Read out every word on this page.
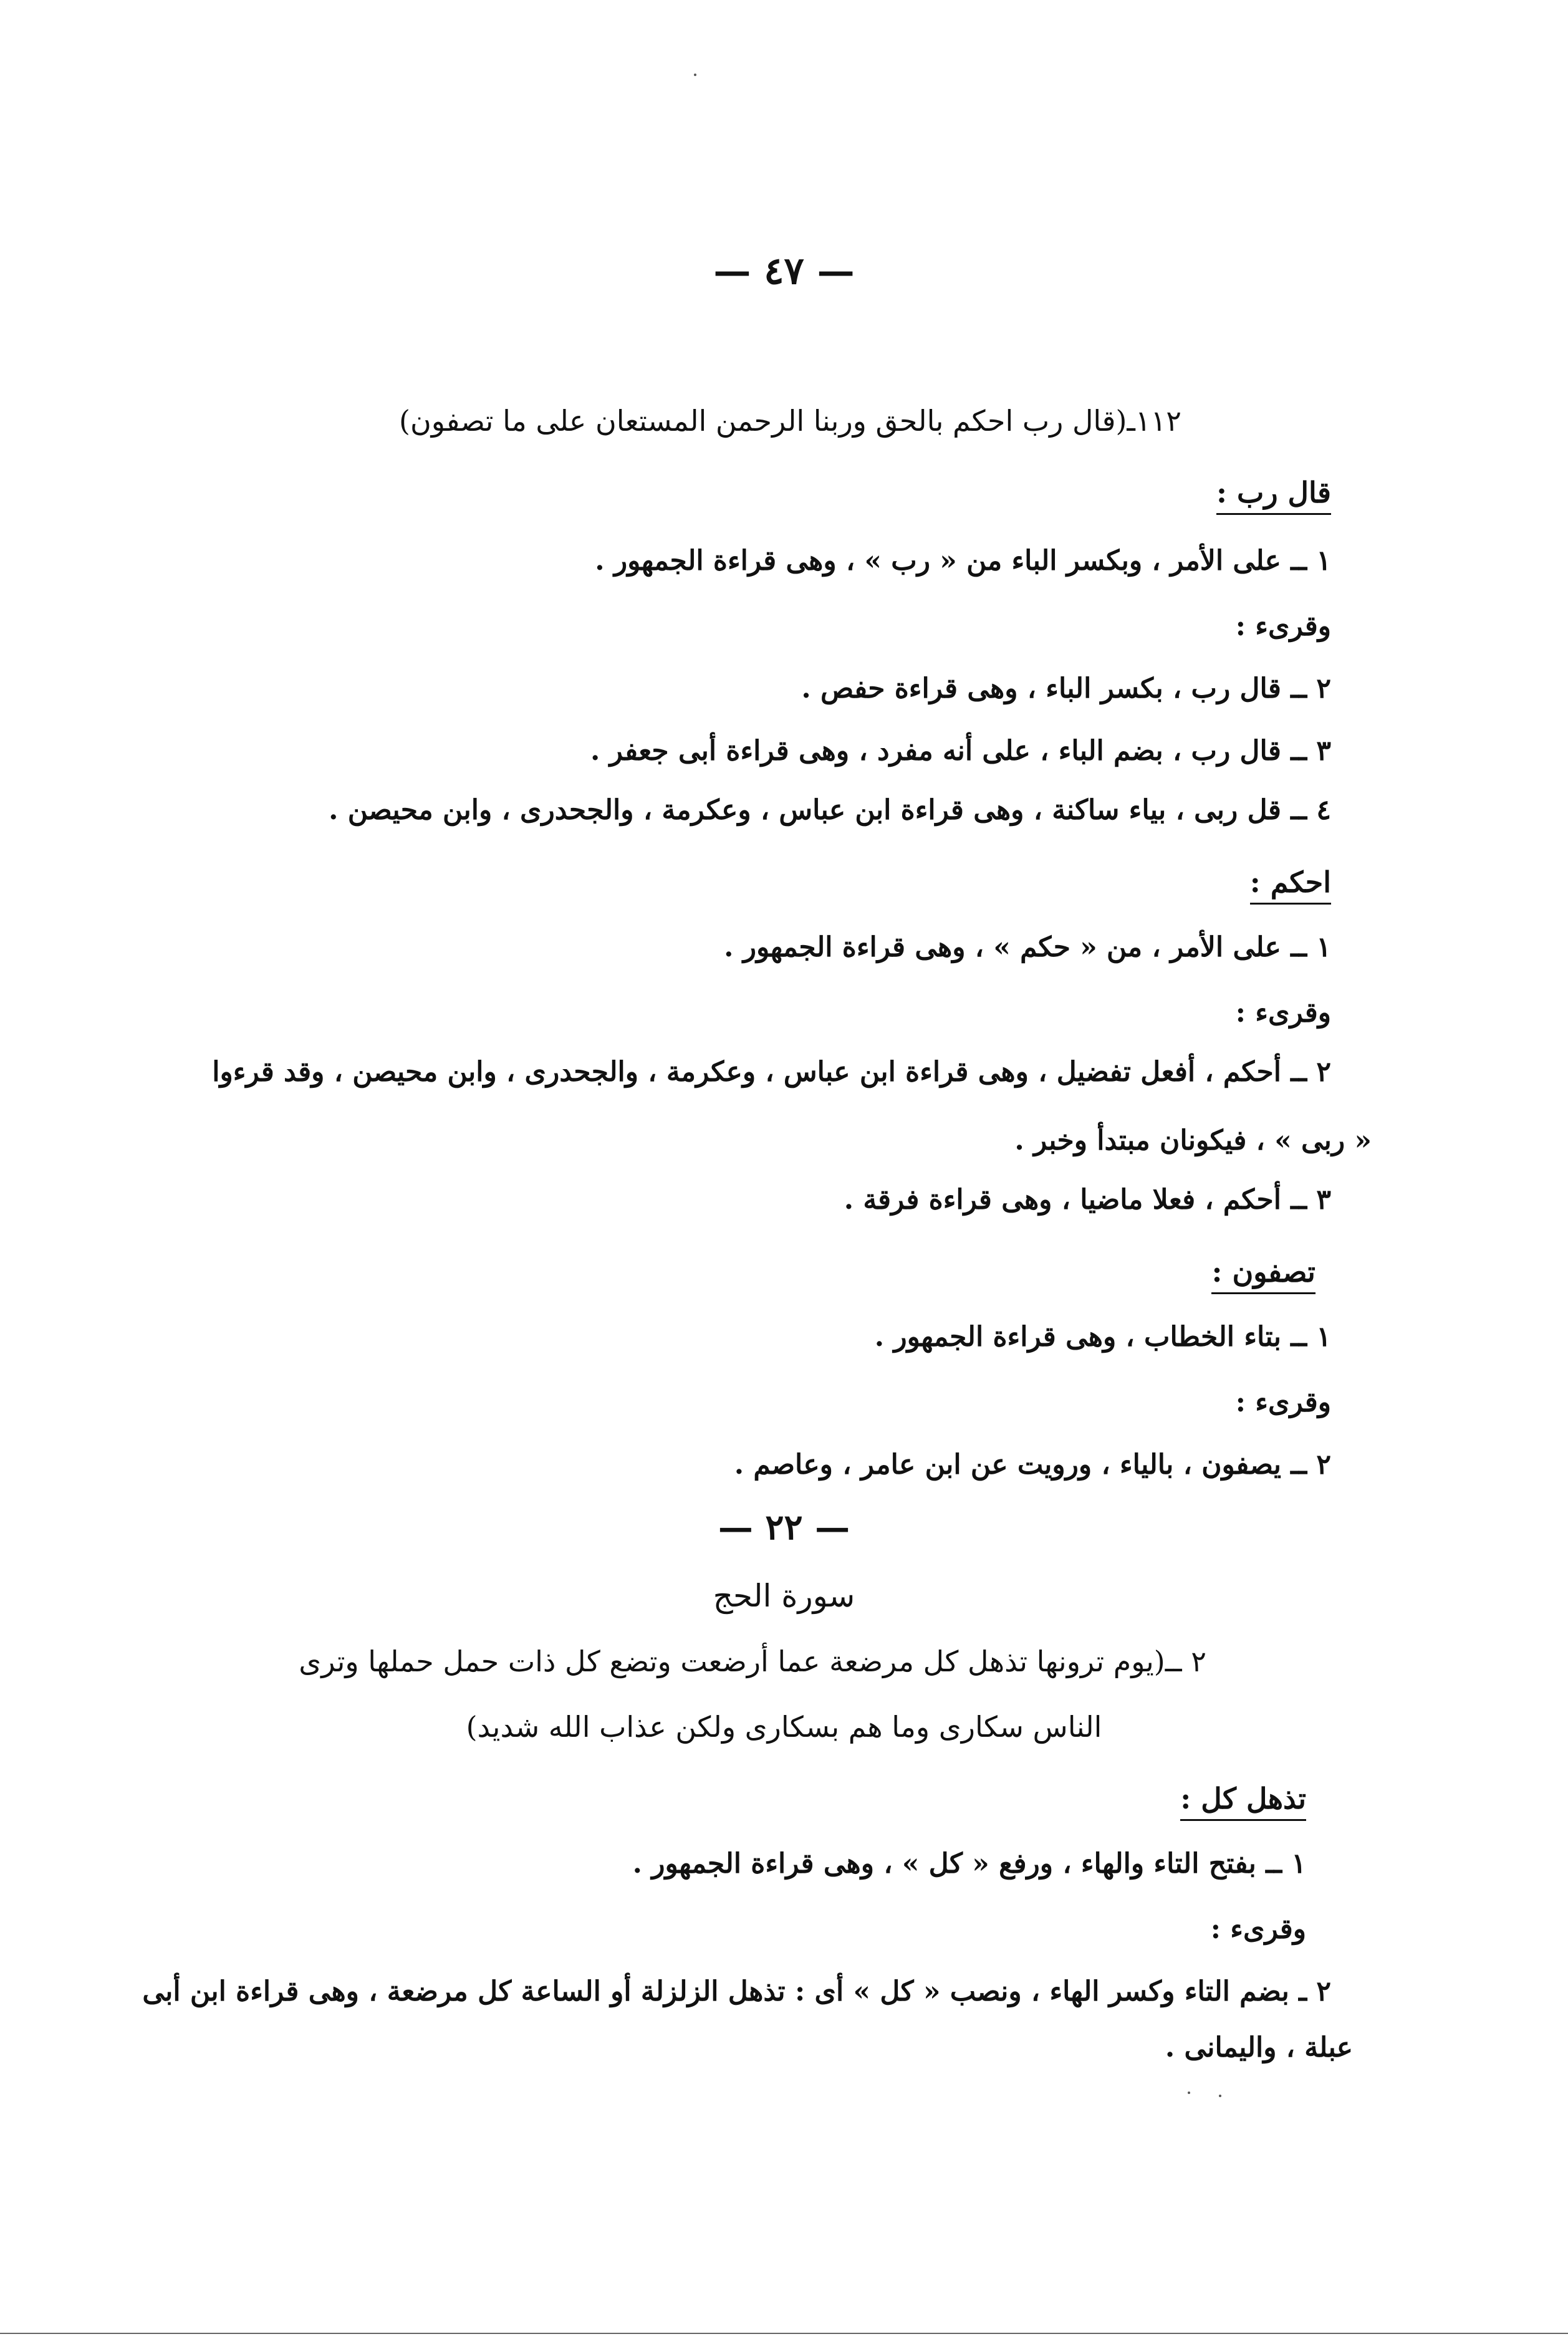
— ٤٧ —
١١٢ـ(قال رب احكم بالحق وربنا الرحمن المستعان على ما تصفون)
قال رب :
١ ــ على الأمر ، وبكسر الباء من « رب » ، وهى قراءة الجمهور .
وقرىء :
٢ ــ قال رب ، بكسر الباء ، وهى قراءة حفص .
٣ ــ قال رب ، بضم الباء ، على أنه مفرد ، وهى قراءة أبى جعفر .
٤ ــ قل ربى ، بياء ساكنة ، وهى قراءة ابن عباس ، وعكرمة ، والجحدرى ، وابن محيصن .
احكم :
١ ــ على الأمر ، من « حكم » ، وهى قراءة الجمهور .
وقرىء :
٢ ــ أحكم ، أفعل تفضيل ، وهى قراءة ابن عباس ، وعكرمة ، والجحدرى ، وابن محيصن ، وقد قرءوا
« ربى » ، فيكونان مبتدأ وخبر .
٣ ــ أحكم ، فعلا ماضيا ، وهى قراءة فرقة .
تصفون :
١ ــ بتاء الخطاب ، وهى قراءة الجمهور .
وقرىء :
٢ ــ يصفون ، بالياء ، ورويت عن ابن عامر ، وعاصم .
— ٢٢ —
سورة الحج
٢ ــ(يوم ترونها تذهل كل مرضعة عما أرضعت وتضع كل ذات حمل حملها وترى
الناس سكارى وما هم بسكارى ولكن عذاب الله شديد)
تذهل كل :
١ ــ بفتح التاء والهاء ، ورفع « كل » ، وهى قراءة الجمهور .
وقرىء :
٢ ـ بضم التاء وكسر الهاء ، ونصب « كل » أى : تذهل الزلزلة أو الساعة كل مرضعة ، وهى قراءة ابن أبى
عبلة ، واليمانى .
